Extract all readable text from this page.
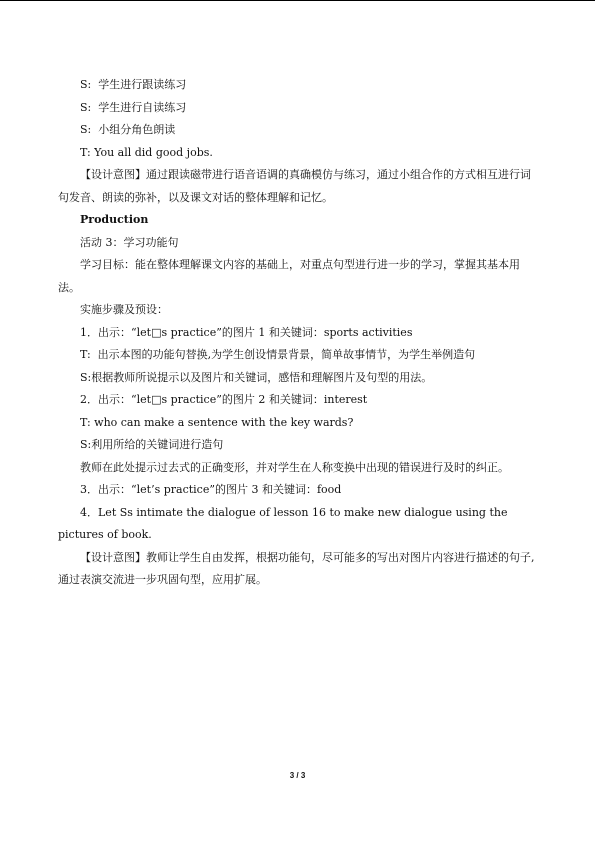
S:  学生进行跟读练习

S:  学生进行自读练习

S:  小组分角色朗读

T: You all did good jobs.

【设计意图】通过跟读磁带进行语音语调的真确模仿与练习，通过小组合作的方式相互进行词句发音、朗读的弥补，以及课文对话的整体理解和记忆。

Production

活动 3：学习功能句

学习目标：能在整体理解课文内容的基础上，对重点句型进行进一步的学习，掌握其基本用法。

实施步骤及预设：

1．出示：“let□s practice”的图片 1 和关键词：sports activities

T:  出示本图的功能句替换,为学生创设情景背景，简单故事情节，为学生举例造句

S:根据教师所说提示以及图片和关键词，感悟和理解图片及句型的用法。

2．出示：“let□s practice”的图片 2 和关键词：interest

T: who can make a sentence with the key wards?

S:利用所给的关键词进行造句

教师在此处提示过去式的正确变形，并对学生在人称变换中出现的错误进行及时的纠正。

3．出示：“let’s practice”的图片 3 和关键词：food

4．Let Ss intimate the dialogue of lesson 16 to make new dialogue using the pictures of book.

【设计意图】教师让学生自由发挥，根据功能句，尽可能多的写出对图片内容进行描述的句子, 通过表演交流进一步巩固句型，应用扩展。

3 / 3
